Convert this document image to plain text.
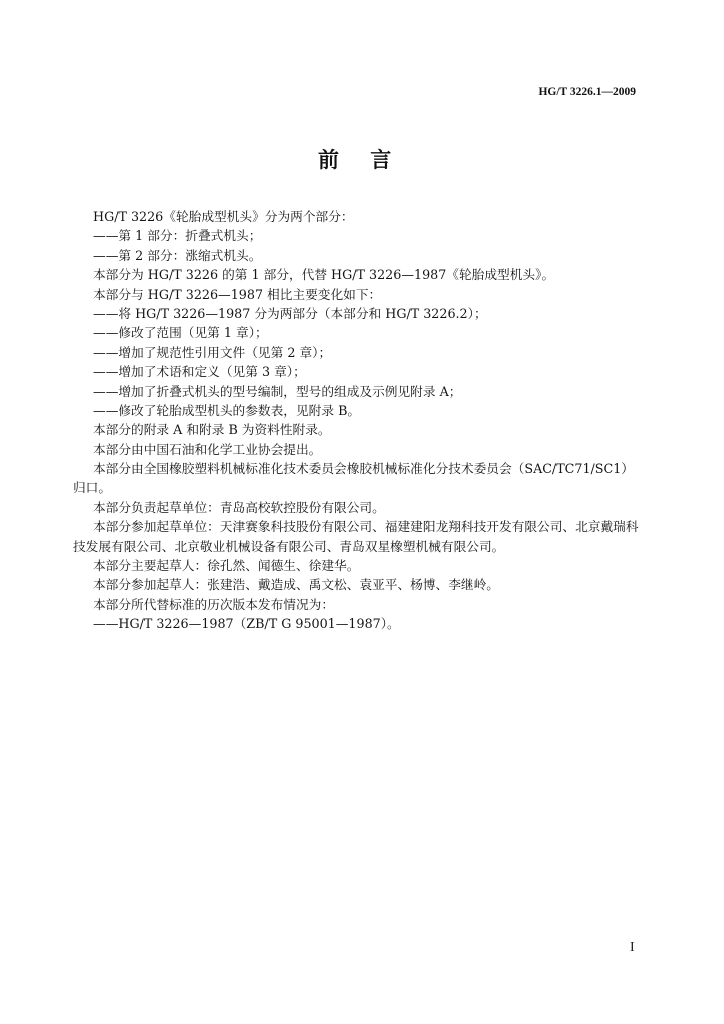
HG/T 3226.1—2009
前 言
HG/T 3226《轮胎成型机头》分为两个部分：
——第 1 部分：折叠式机头；
——第 2 部分：涨缩式机头。
本部分为 HG/T 3226 的第 1 部分，代替 HG/T 3226—1987《轮胎成型机头》。
本部分与 HG/T 3226—1987 相比主要变化如下：
——将 HG/T 3226—1987 分为两部分（本部分和 HG/T 3226.2）；
——修改了范围（见第 1 章）；
——增加了规范性引用文件（见第 2 章）；
——增加了术语和定义（见第 3 章）；
——增加了折叠式机头的型号编制，型号的组成及示例见附录 A；
——修改了轮胎成型机头的参数表，见附录 B。
本部分的附录 A 和附录 B 为资料性附录。
本部分由中国石油和化学工业协会提出。
本部分由全国橡胶塑料机械标准化技术委员会橡胶机械标准化分技术委员会（SAC/TC71/SC1）
归口。
本部分负责起草单位：青岛高校软控股份有限公司。
本部分参加起草单位：天津赛象科技股份有限公司、福建建阳龙翔科技开发有限公司、北京戴瑞科
技发展有限公司、北京敬业机械设备有限公司、青岛双星橡塑机械有限公司。
本部分主要起草人：徐孔然、闻德生、徐建华。
本部分参加起草人：张建浩、戴造成、禹文松、袁亚平、杨博、李继岭。
本部分所代替标准的历次版本发布情况为：
——HG/T 3226—1987（ZB/T G 95001—1987）。
I
